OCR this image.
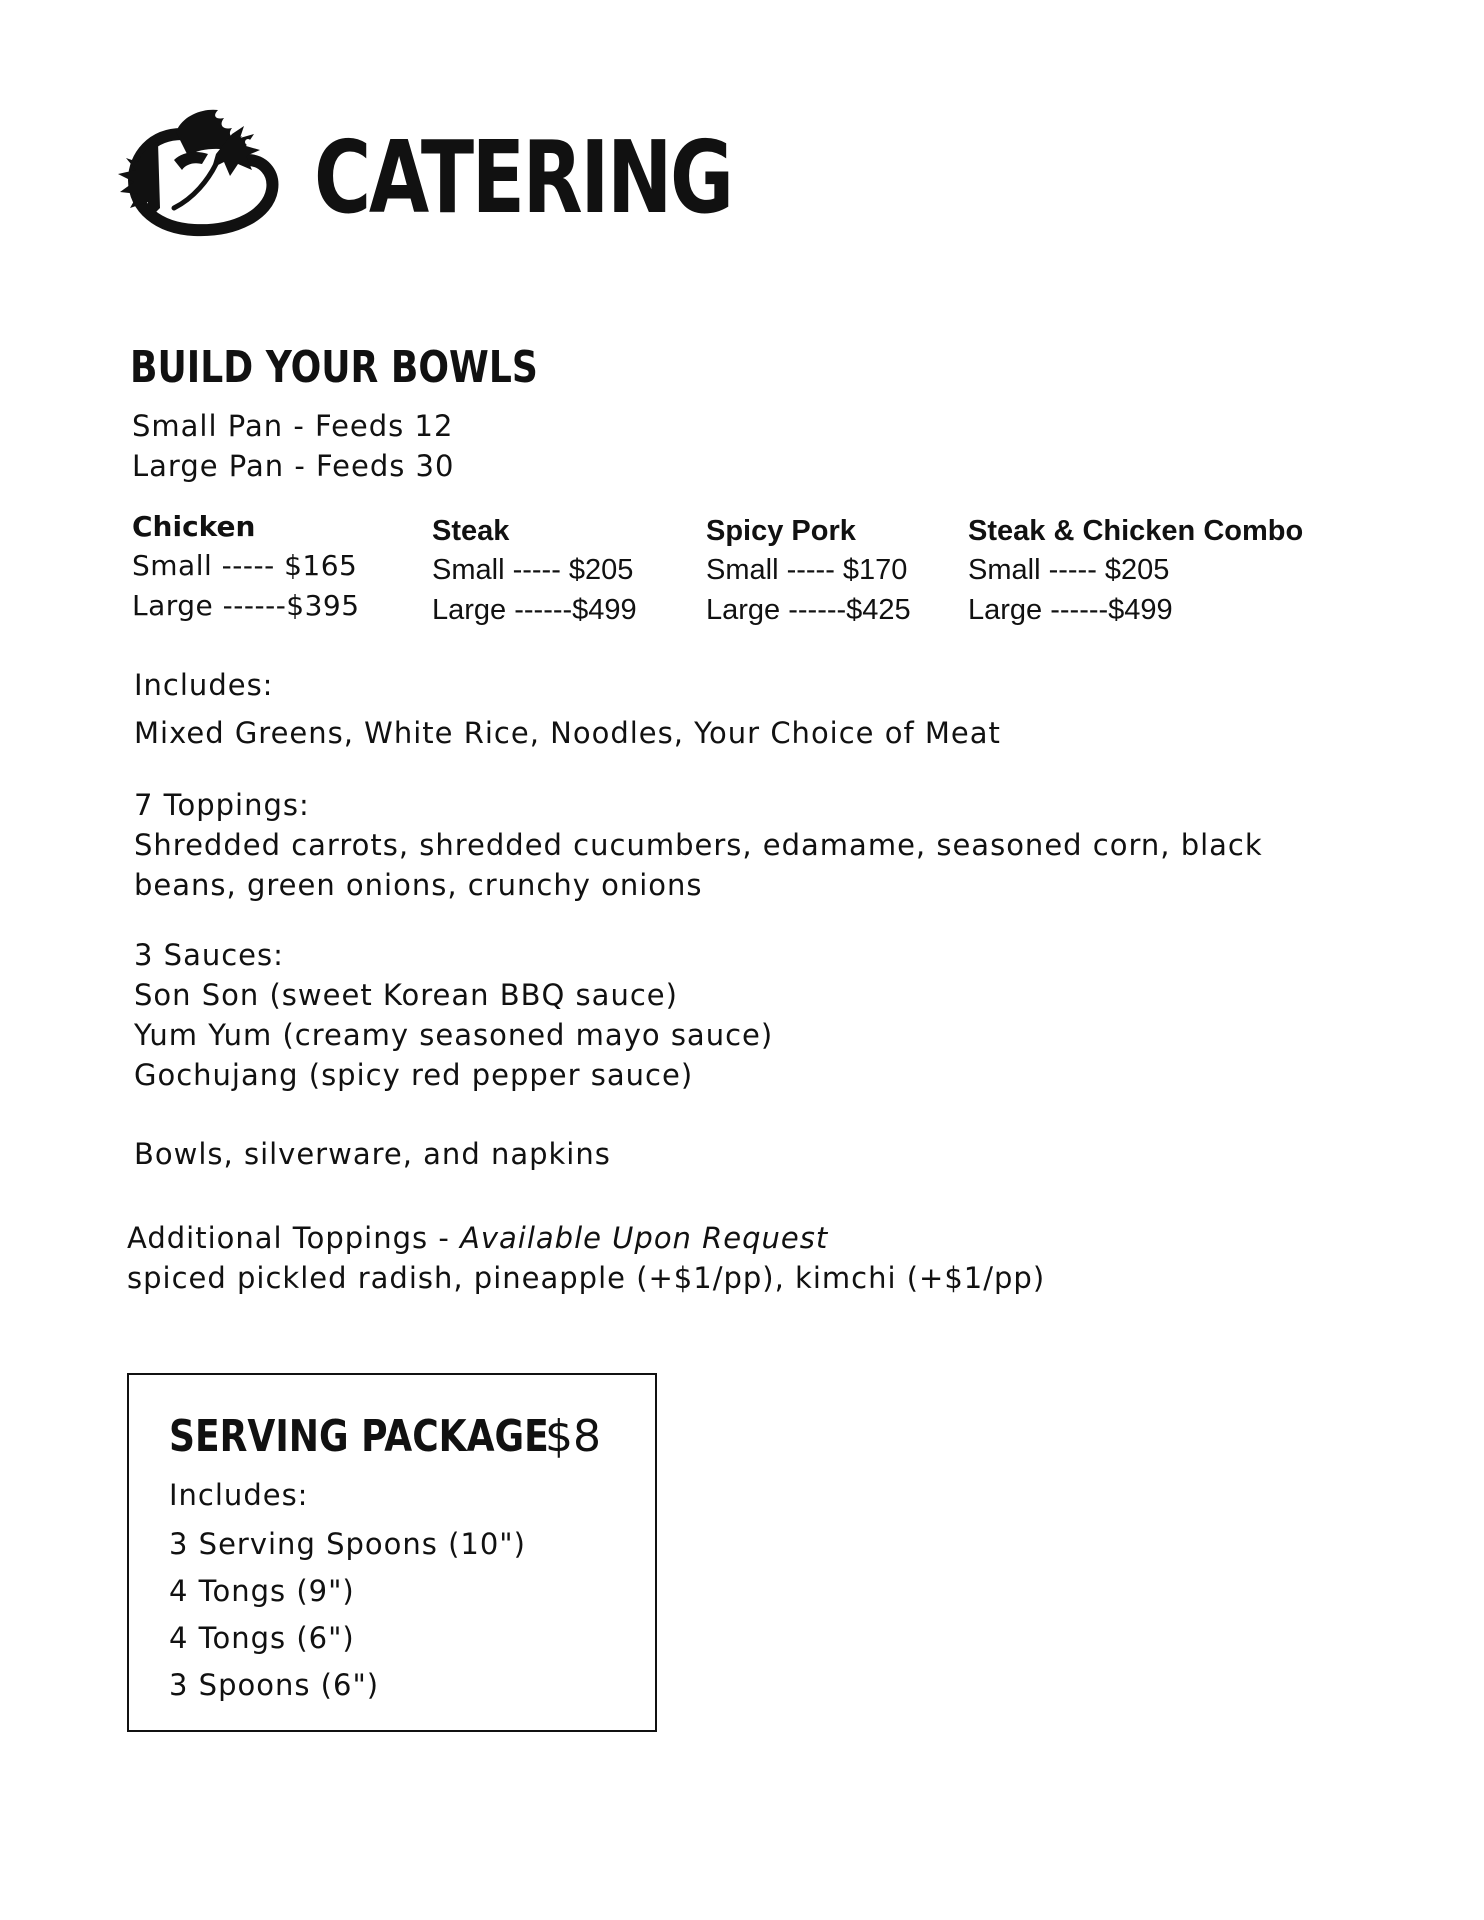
CATERING
BUILD YOUR BOWLS
Small Pan - Feeds 12
Large Pan - Feeds 30
Chicken
Small ----- $165
Large ------$395
Steak
Small ----- $205
Large ------$499
Spicy Pork
Small ----- $170
Large ------$425
Steak & Chicken Combo
Small ----- $205
Large ------$499
Includes:
Mixed Greens, White Rice, Noodles, Your Choice of Meat
7 Toppings:
Shredded carrots, shredded cucumbers, edamame, seasoned corn, black
beans, green onions, crunchy onions
3 Sauces:
Son Son (sweet Korean BBQ sauce)
Yum Yum (creamy seasoned mayo sauce)
Gochujang (spicy red pepper sauce)
Bowls, silverware, and napkins
Additional Toppings - Available Upon Request
spiced pickled radish, pineapple (+$1/pp), kimchi (+$1/pp)
SERVING PACKAGE
$8
Includes:
3 Serving Spoons (10")
4 Tongs (9")
4 Tongs (6")
3 Spoons (6")
